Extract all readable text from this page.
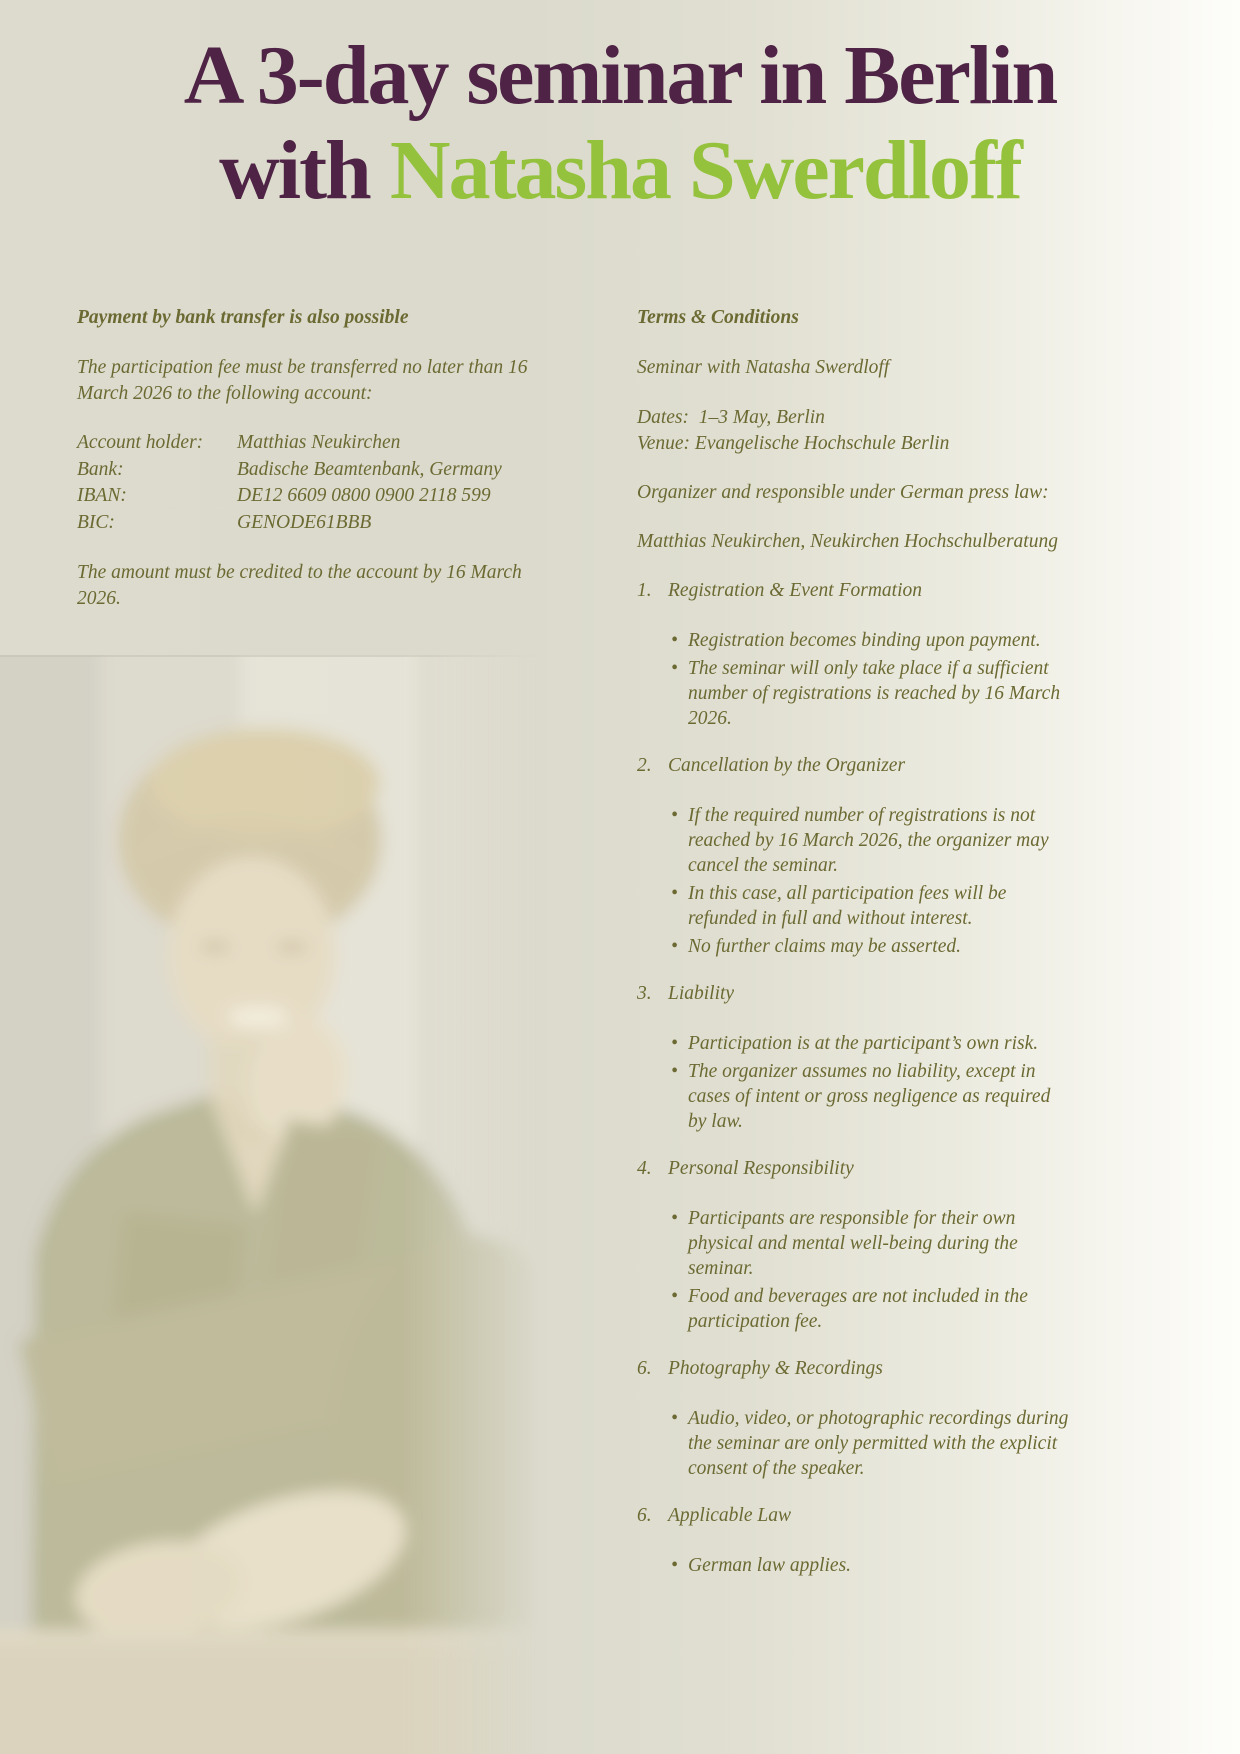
A 3-day seminar in Berlin
with Natasha Swerdloff

Payment by bank transfer is also possible

The participation fee must be transferred no later than 16 March 2026 to the following account:

Account holder:	Matthias Neukirchen
Bank:	Badische Beamtenbank, Germany
IBAN:	DE12 6609 0800 0900 2118 599
BIC:	GENODE61BBB

The amount must be credited to the account by 16 March 2026.

Terms & Conditions

Seminar with Natasha Swerdloff

Dates:  1–3 May, Berlin
Venue: Evangelische Hochschule Berlin

Organizer and responsible under German press law:

Matthias Neukirchen, Neukirchen Hochschulberatung

1. Registration & Event Formation
• Registration becomes binding upon payment.
• The seminar will only take place if a sufficient number of registrations is reached by 16 March 2026.
2. Cancellation by the Organizer
• If the required number of registrations is not reached by 16 March 2026, the organizer may cancel the seminar.
• In this case, all participation fees will be refunded in full and without interest.
• No further claims may be asserted.
3. Liability
• Participation is at the participant’s own risk.
• The organizer assumes no liability, except in cases of intent or gross negligence as required by law.
4. Personal Responsibility
• Participants are responsible for their own physical and mental well-being during the seminar.
• Food and beverages are not included in the participation fee.
6. Photography & Recordings
• Audio, video, or photographic recordings during the seminar are only permitted with the explicit consent of the speaker.
6. Applicable Law
• German law applies.
